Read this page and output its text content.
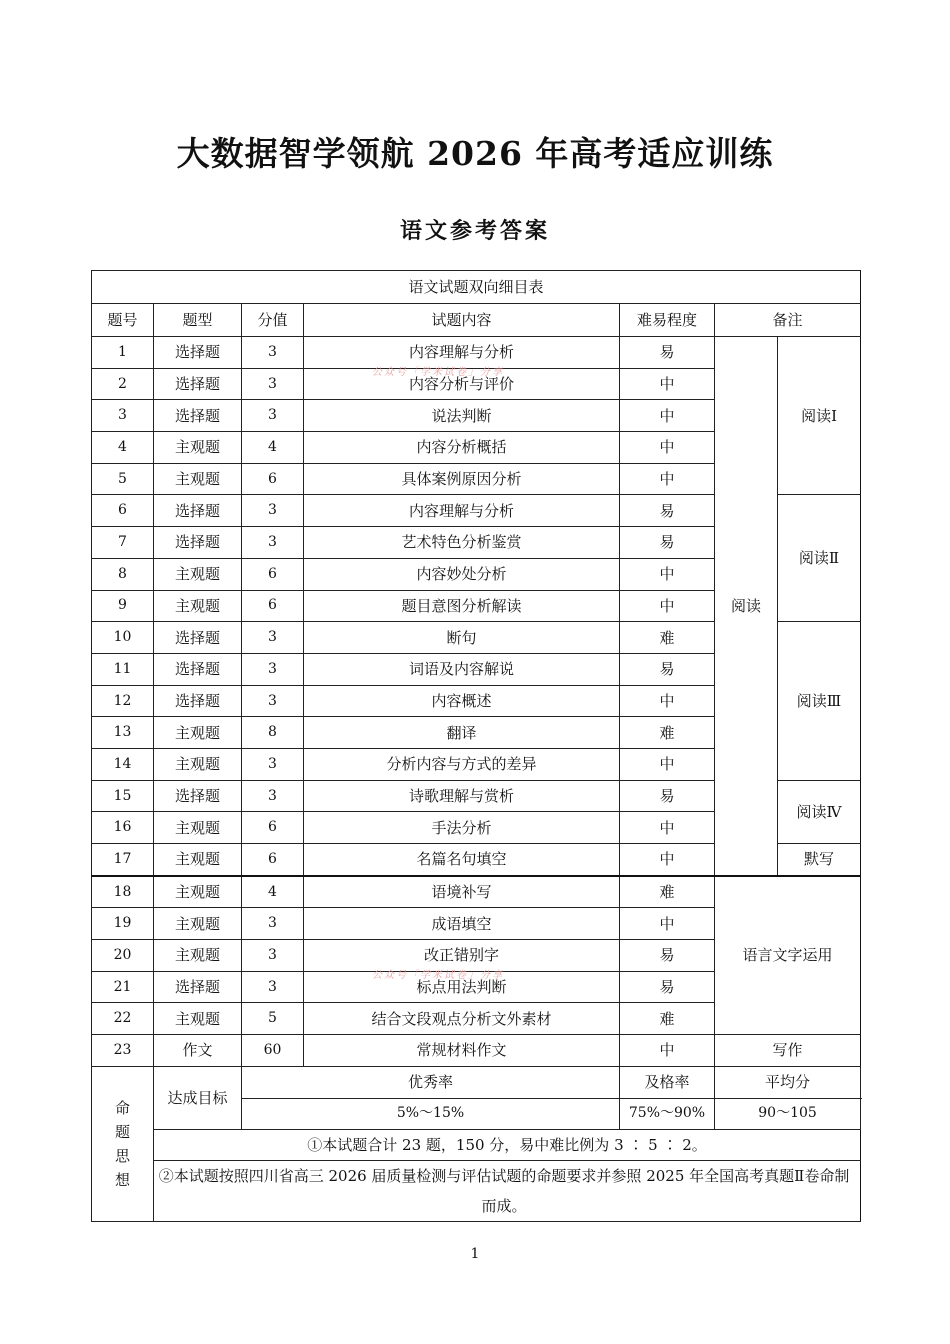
大数据智学领航 2026 年高考适应训练
语文参考答案
语文试题双向细目表						
题号	题型	分值	试题内容	难易程度	备注	
1	选择题	3	内容理解与分析	易	阅读	阅读Ⅰ
2	选择题	3	内容分析与评价	中		
3	选择题	3	说法判断	中		
4	主观题	4	内容分析概括	中		
5	主观题	6	具体案例原因分析	中		
6	选择题	3	内容理解与分析	易		阅读Ⅱ
7	选择题	3	艺术特色分析鉴赏	易		
8	主观题	6	内容妙处分析	中		
9	主观题	6	题目意图分析解读	中		
10	选择题	3	断句	难		阅读Ⅲ
11	选择题	3	词语及内容解说	易		
12	选择题	3	内容概述	中		
13	主观题	8	翻译	难		
14	主观题	3	分析内容与方式的差异	中		
15	选择题	3	诗歌理解与赏析	易		阅读Ⅳ
16	主观题	6	手法分析	中		
17	主观题	6	名篇名句填空	中		默写
18	主观题	4	语境补写	难	语言文字运用	
19	主观题	3	成语填空	中		
20	主观题	3	改正错别字	易		
21	选择题	3	标点用法判断	易		
22	主观题	5	结合文段观点分析文外素材	难		
23	作文	60	常规材料作文	中	写作	
命题思想	达成目标	优秀率		及格率	平均分	
		5%～15%		75%～90%	90～105	
	①本试题合计 23 题，150 分，易中难比例为 3 ∶ 5 ∶ 2。					
	②本试题按照四川省高三 2026 届质量检测与评估试题的命题要求并参照 2025 年全国高考真题Ⅱ卷命制而成。					
公众号「学米试卷」分享
公众号「学米试卷」分享
1
